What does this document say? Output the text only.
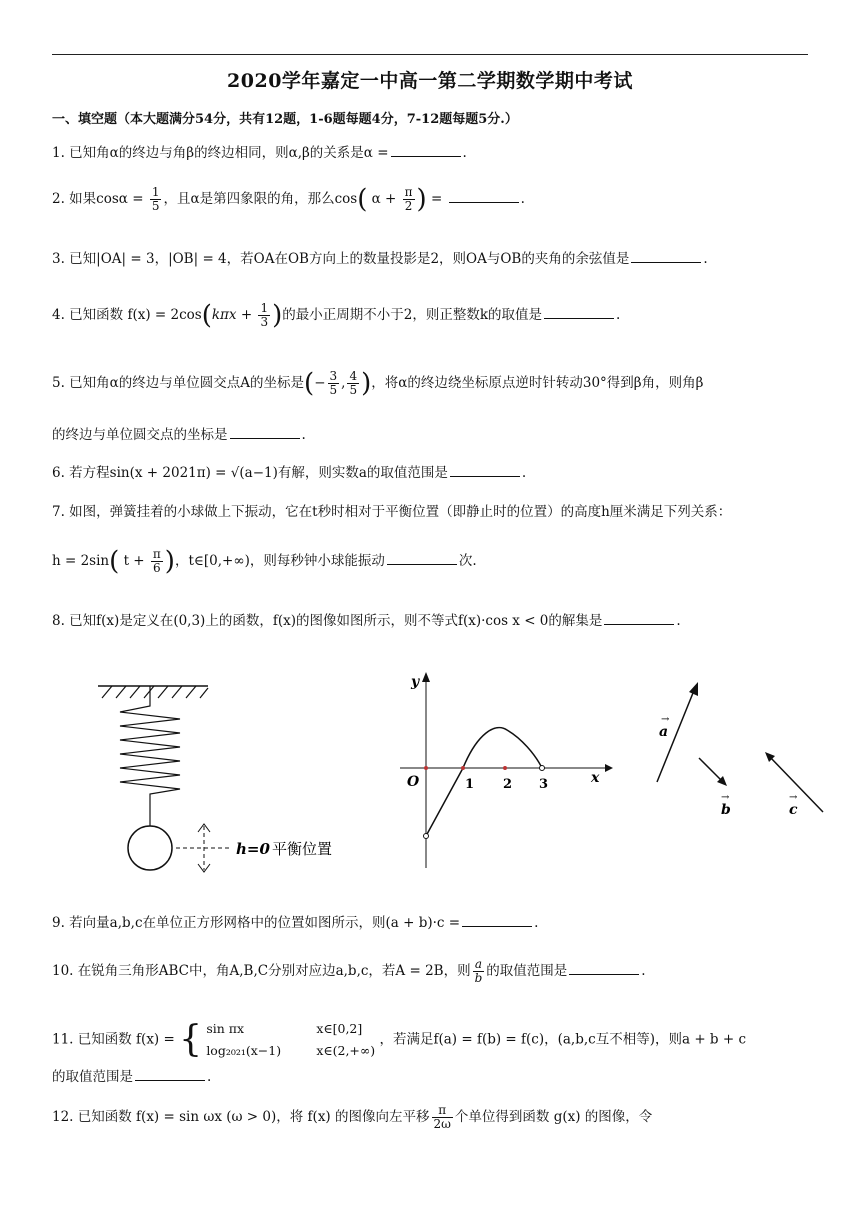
2020学年嘉定一中高一第二学期数学期中考试
一、填空题（本大题满分54分，共有12题，1-6题每题4分，7-12题每题5分.）
1. 已知角α的终边与角β的终边相同，则α,β的关系是α =	.
2. 如果$\cos\alpha = \frac{1}{5}$ ，且α是第四象限的角，那么cos( $\alpha + \frac{\pi}{2}$ ) =	.
3. 已知|OA| = 3，|OB| = 4，若OA在OB方向上的数量投影是2，则OA与OB的夹角的余弦值是	.
4. 已知函数 $f(x) = 2\cos(k\pi x + \frac{1}{3}$ )的最小正周期不小于2，则正整数k的取值是	.
5. 已知角α的终边与单位圆交点A的坐标是(− $\frac{3}{5}$ , $\frac{4}{5}$ )，将α的终边绕坐标原点逆时针转动30°得到β角，则角β
的终边与单位圆交点的坐标是	.
6. 若方程sin(x + 2021π) = √(a−1)有解，则实数a的取值范围是	.
7. 如图，弹簧挂着的小球做上下振动，它在t秒时相对于平衡位置（即静止时的位置）的高度h厘米满足下列关系：
h = 2sin( $t + \frac{\pi}{6}$ )，t∈[0,+∞)，则每秒钟小球能振动	次.
8. 已知f(x)是定义在(0,3)上的函数，f(x)的图像如图所示，则不等式f(x)·cos x < 0的解集是	.
h=0 平衡位置
y
x
O	1 2 3
a
→
b
→
c
→
9. 若向量a,b,c在单位正方形网格中的位置如图所示，则(a + b)·c =	.
10. 在锐角三角形ABC中，角A,B,C分别对应边a,b,c，若A = 2B，则 $\frac{a}{b}$ 的取值范围是	.
11. 已知函数 f(x) = { sin πx	x∈[0,2]
log₂₀₂₁(x−1)	x∈(2,+∞)
，若满足f(a) = f(b) = f(c)，(a,b,c互不相等)，则a + b + c
的取值范围是	.
12. 已知函数 f(x) = sin ωx (ω > 0)，将 f(x) 的图像向左平移 $\frac{\pi}{2\omega}$ 个单位得到函数 g(x) 的图像，令
